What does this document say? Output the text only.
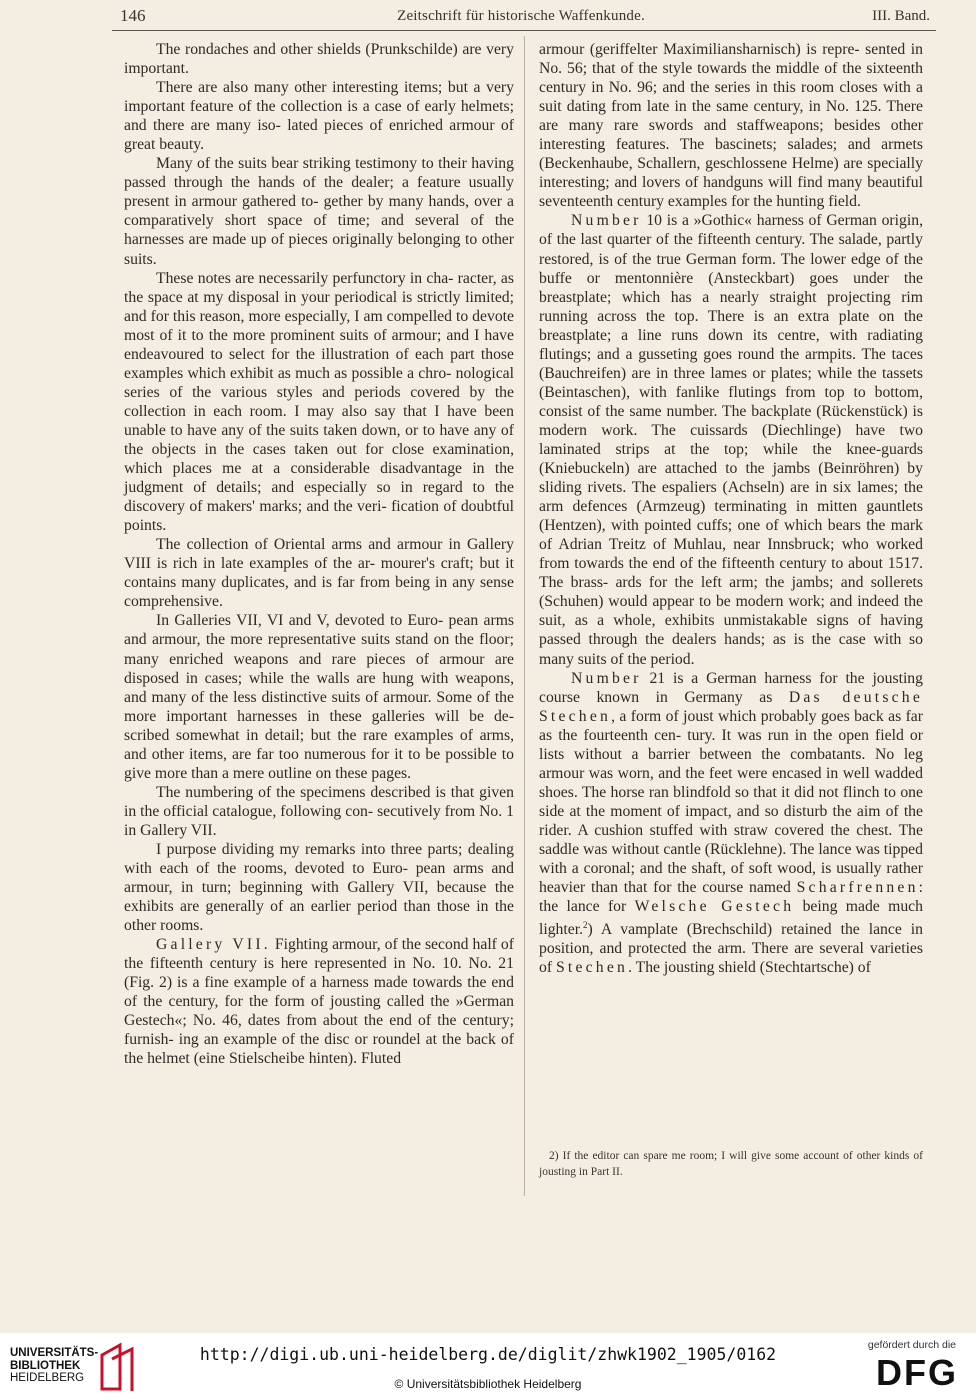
146	Zeitschrift für historische Waffenkunde.	III. Band.

The rondaches and other shields (Prunkschilde) are very important.

There are also many other interesting items; but a very important feature of the collection is a case of early helmets; and there are many iso- lated pieces of enriched armour of great beauty.

Many of the suits bear striking testimony to their having passed through the hands of the dealer; a feature usually present in armour gathered to- gether by many hands, over a comparatively short space of time; and several of the harnesses are made up of pieces originally belonging to other suits.

These notes are necessarily perfunctory in cha- racter, as the space at my disposal in your periodical is strictly limited; and for this reason, more especially, I am compelled to devote most of it to the more prominent suits of armour; and I have endeavoured to select for the illustration of each part those examples which exhibit as much as possible a chro- nological series of the various styles and periods covered by the collection in each room. I may also say that I have been unable to have any of the suits taken down, or to have any of the objects in the cases taken out for close examination, which places me at a considerable disadvantage in the judgment of details; and especially so in regard to the discovery of makers' marks; and the veri- fication of doubtful points.

The collection of Oriental arms and armour in Gallery VIII is rich in late examples of the ar- mourer's craft; but it contains many duplicates, and is far from being in any sense comprehensive.

In Galleries VII, VI and V, devoted to Euro- pean arms and armour, the more representative suits stand on the floor; many enriched weapons and rare pieces of armour are disposed in cases; while the walls are hung with weapons, and many of the less distinctive suits of armour. Some of the more important harnesses in these galleries will be de- scribed somewhat in detail; but the rare examples of arms, and other items, are far too numerous for it to be possible to give more than a mere outline on these pages.

The numbering of the specimens described is that given in the official catalogue, following con- secutively from No. 1 in Gallery VII.

I purpose dividing my remarks into three parts; dealing with each of the rooms, devoted to Euro- pean arms and armour, in turn; beginning with Gallery VII, because the exhibits are generally of an earlier period than those in the other rooms.

Gallery VII. Fighting armour, of the second half of the fifteenth century is here represented in No. 10. No. 21 (Fig. 2) is a fine example of a harness made towards the end of the century, for the form of jousting called the »German Gestech«; No. 46, dates from about the end of the century; furnish- ing an example of the disc or roundel at the back of the helmet (eine Stielscheibe hinten). Fluted

armour (geriffelter Maximiliansharnisch) is repre- sented in No. 56; that of the style towards the middle of the sixteenth century in No. 96; and the series in this room closes with a suit dating from late in the same century, in No. 125. There are many rare swords and staffweapons; besides other interesting features. The bascinets; salades; and armets (Beckenhaube, Schallern, geschlossene Helme) are specially interesting; and lovers of handguns will find many beautiful seventeenth century examples for the hunting field.

Number 10 is a »Gothic« harness of German origin, of the last quarter of the fifteenth century. The salade, partly restored, is of the true German form. The lower edge of the buffe or mentonnière (Ansteckbart) goes under the breastplate; which has a nearly straight projecting rim running across the top. There is an extra plate on the breastplate; a line runs down its centre, with radiating flutings; and a gusseting goes round the armpits. The taces (Bauchreifen) are in three lames or plates; while the tassets (Beintaschen), with fanlike flutings from top to bottom, consist of the same number. The backplate (Rückenstück) is modern work. The cuissards (Diechlinge) have two laminated strips at the top; while the knee-guards (Kniebuckeln) are attached to the jambs (Beinröhren) by sliding rivets. The espaliers (Achseln) are in six lames; the arm defences (Armzeug) terminating in mitten gauntlets (Hentzen), with pointed cuffs; one of which bears the mark of Adrian Treitz of Muhlau, near Innsbruck; who worked from towards the end of the fifteenth century to about 1517. The brass- ards for the left arm; the jambs; and sollerets (Schuhen) would appear to be modern work; and indeed the suit, as a whole, exhibits unmistakable signs of having passed through the dealers hands; as is the case with so many suits of the period.

Number 21 is a German harness for the jousting course known in Germany as Das deutsche Stechen, a form of joust which probably goes back as far as the fourteenth cen- tury. It was run in the open field or lists without a barrier between the combatants. No leg armour was worn, and the feet were encased in well wadded shoes. The horse ran blindfold so that it did not flinch to one side at the moment of impact, and so disturb the aim of the rider. A cushion stuffed with straw covered the chest. The saddle was without cantle (Rücklehne). The lance was tipped with a coronal; and the shaft, of soft wood, is usually rather heavier than that for the course named Scharfrennen: the lance for Welsche Gestech being made much lighter.$^2$) A vamplate (Brechschild) retained the lance in position, and protected the arm. There are several varieties of Stechen. The jousting shield (Stechtartsche) of

2) If the editor can spare me room; I will give some account of other kinds of jousting in Part II.

UNIVERSITÄTS-
BIBLIOTHEK
HEIDELBERG
http://digi.ub.uni-heidelberg.de/diglit/zhwk1902_1905/0162
© Universitätsbibliothek Heidelberg
gefördert durch die
DFG
